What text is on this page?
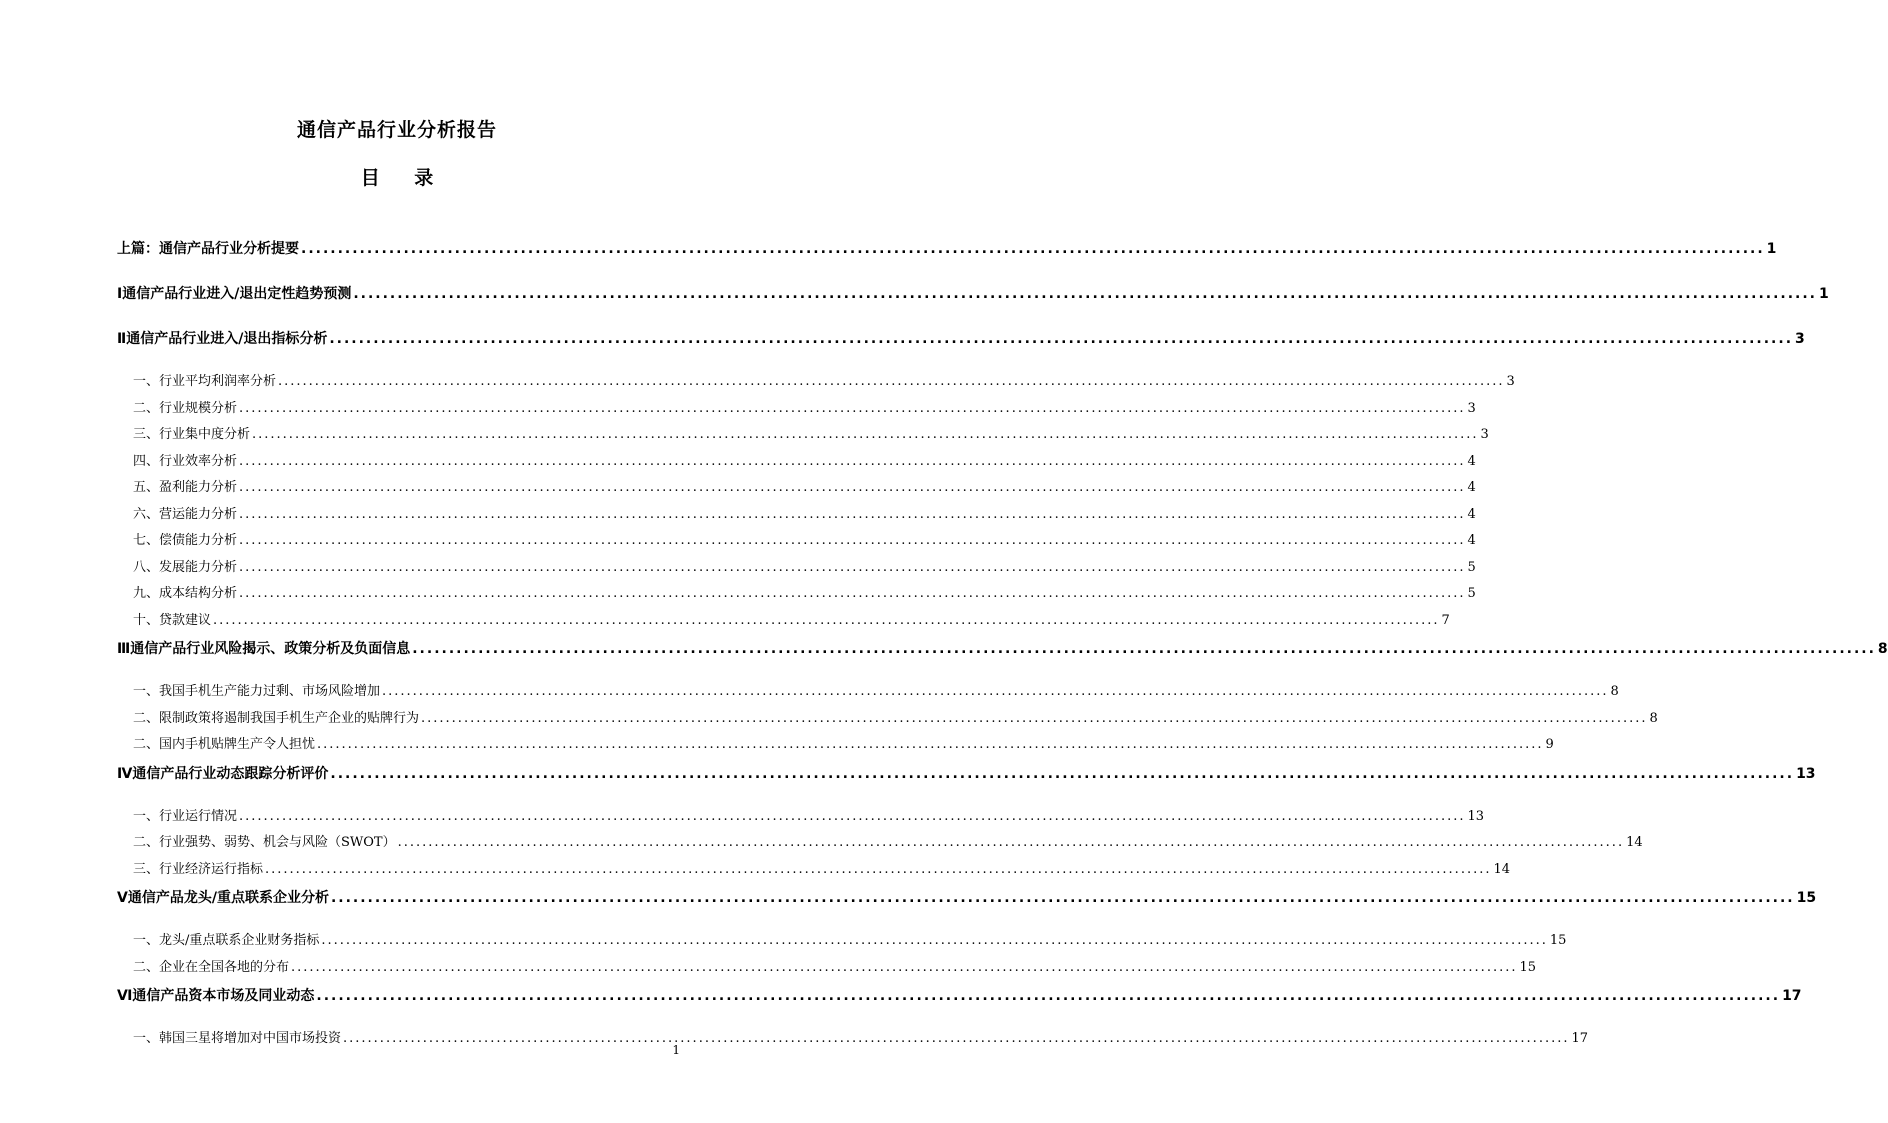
通信产品行业分析报告
目 录
上篇：通信产品行业分析提要 ........................................................................................................................................................................................................ 1
Ⅰ通信产品行业进入/退出定性趋势预测 ........................................................................................................................................................................................................ 1
Ⅱ通信产品行业进入/退出指标分析 ........................................................................................................................................................................................................ 3
一、行业平均利润率分析 ........................................................................................................................................................................................................ 3
二、行业规模分析 ........................................................................................................................................................................................................ 3
三、行业集中度分析 ........................................................................................................................................................................................................ 3
四、行业效率分析 ........................................................................................................................................................................................................ 4
五、盈利能力分析 ........................................................................................................................................................................................................ 4
六、营运能力分析 ........................................................................................................................................................................................................ 4
七、偿债能力分析 ........................................................................................................................................................................................................ 4
八、发展能力分析 ........................................................................................................................................................................................................ 5
九、成本结构分析 ........................................................................................................................................................................................................ 5
十、贷款建议 ........................................................................................................................................................................................................ 7
Ⅲ通信产品行业风险揭示、政策分析及负面信息 ........................................................................................................................................................................................................ 8
一、我国手机生产能力过剩、市场风险增加 ........................................................................................................................................................................................................ 8
二、限制政策将遏制我国手机生产企业的贴牌行为 ........................................................................................................................................................................................................ 8
二、国内手机贴牌生产令人担忧 ........................................................................................................................................................................................................ 9
Ⅳ通信产品行业动态跟踪分析评价 ........................................................................................................................................................................................................ 13
一、行业运行情况 ........................................................................................................................................................................................................ 13
二、行业强势、弱势、机会与风险（SWOT） ........................................................................................................................................................................................................ 14
三、行业经济运行指标 ........................................................................................................................................................................................................ 14
Ⅴ通信产品龙头/重点联系企业分析 ........................................................................................................................................................................................................ 15
一、龙头/重点联系企业财务指标 ........................................................................................................................................................................................................ 15
二、企业在全国各地的分布 ........................................................................................................................................................................................................ 15
Ⅵ通信产品资本市场及同业动态 ........................................................................................................................................................................................................ 17
一、韩国三星将增加对中国市场投资 ........................................................................................................................................................................................................ 17
1
